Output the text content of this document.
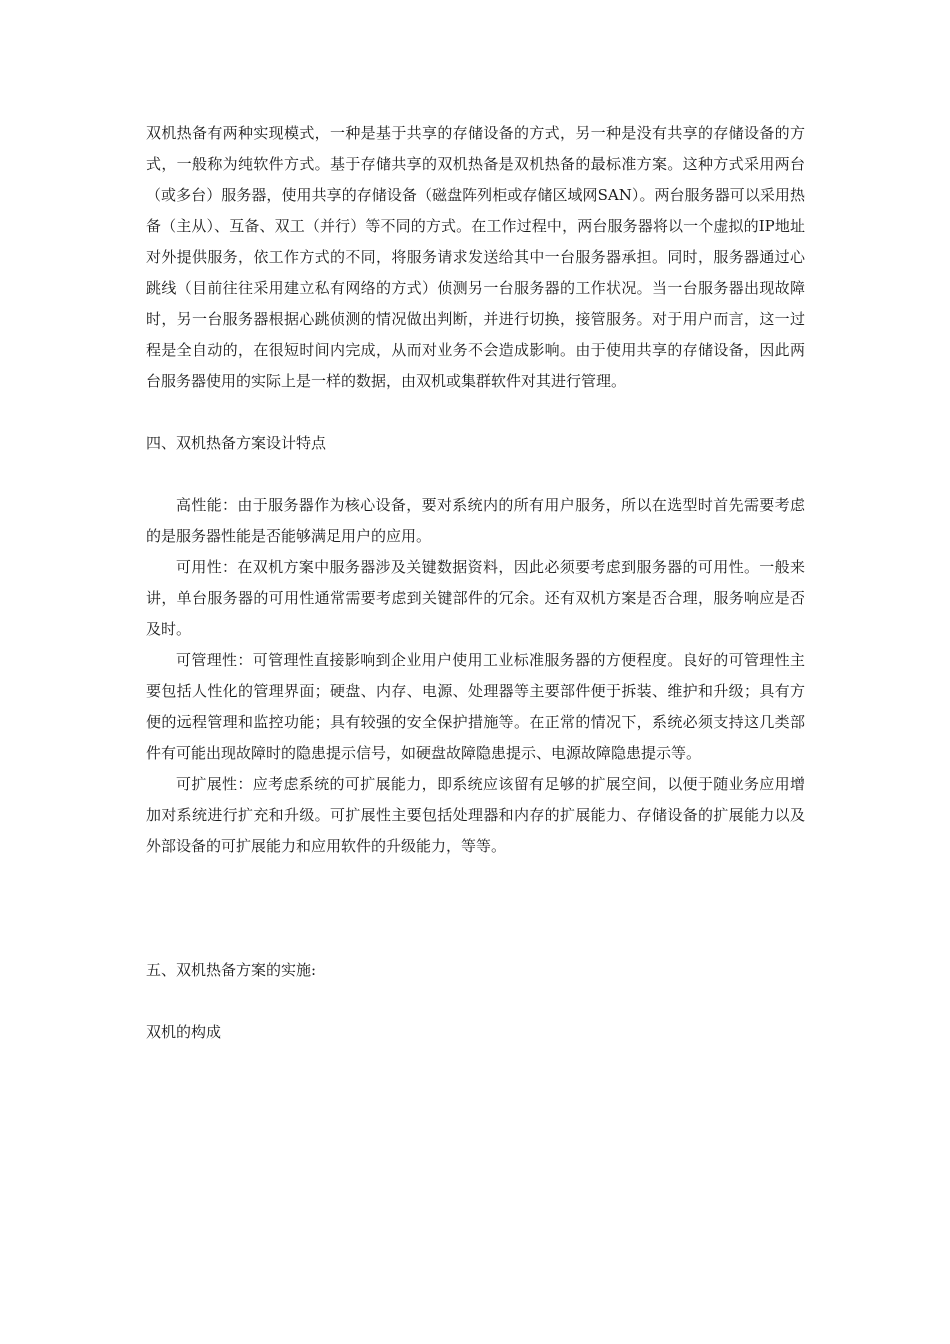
双机热备有两种实现模式，一种是基于共享的存储设备的方式，另一种是没有共享的存储设备的方式，一般称为纯软件方式。基于存储共享的双机热备是双机热备的最标准方案。这种方式采用两台（或多台）服务器，使用共享的存储设备（磁盘阵列柜或存储区域网SAN）。两台服务器可以采用热备（主从）、互备、双工（并行）等不同的方式。在工作过程中，两台服务器将以一个虚拟的IP地址对外提供服务，依工作方式的不同，将服务请求发送给其中一台服务器承担。同时，服务器通过心跳线（目前往往采用建立私有网络的方式）侦测另一台服务器的工作状况。当一台服务器出现故障时，另一台服务器根据心跳侦测的情况做出判断，并进行切换，接管服务。对于用户而言，这一过程是全自动的，在很短时间内完成，从而对业务不会造成影响。由于使用共享的存储设备，因此两台服务器使用的实际上是一样的数据，由双机或集群软件对其进行管理。

四、双机热备方案设计特点

高性能：由于服务器作为核心设备，要对系统内的所有用户服务，所以在选型时首先需要考虑的是服务器性能是否能够满足用户的应用。

可用性：在双机方案中服务器涉及关键数据资料，因此必须要考虑到服务器的可用性。一般来讲，单台服务器的可用性通常需要考虑到关键部件的冗余。还有双机方案是否合理，服务响应是否及时。

可管理性：可管理性直接影响到企业用户使用工业标准服务器的方便程度。良好的可管理性主要包括人性化的管理界面；硬盘、内存、电源、处理器等主要部件便于拆装、维护和升级；具有方便的远程管理和监控功能；具有较强的安全保护措施等。在正常的情况下，系统必须支持这几类部件有可能出现故障时的隐患提示信号，如硬盘故障隐患提示、电源故障隐患提示等。

可扩展性：应考虑系统的可扩展能力，即系统应该留有足够的扩展空间，以便于随业务应用增加对系统进行扩充和升级。可扩展性主要包括处理器和内存的扩展能力、存储设备的扩展能力以及外部设备的可扩展能力和应用软件的升级能力，等等。

五、双机热备方案的实施:

双机的构成
